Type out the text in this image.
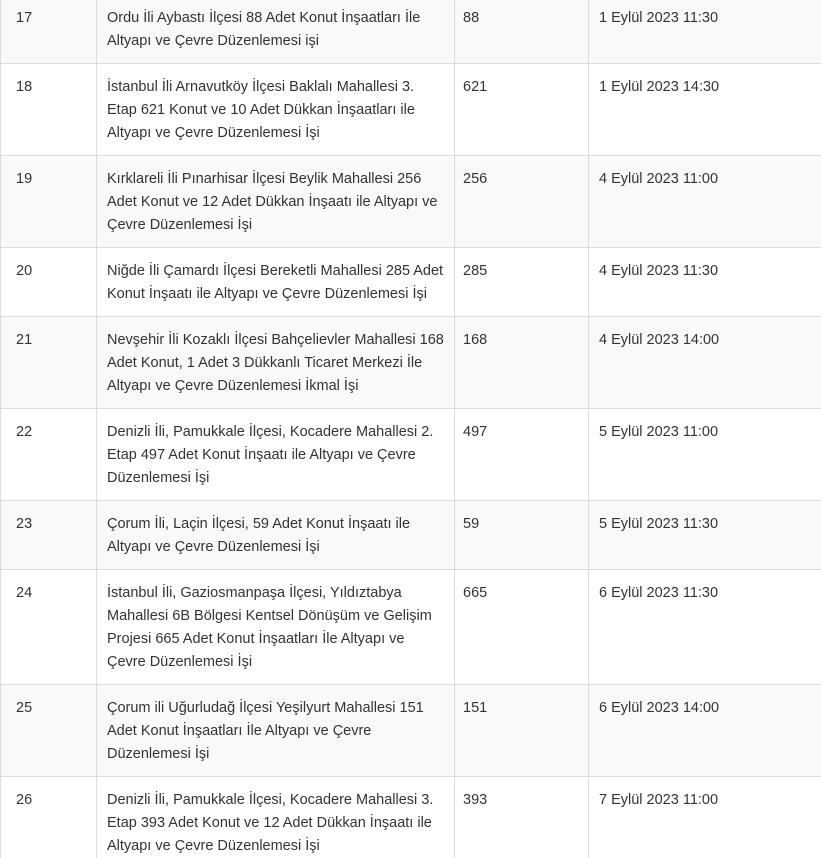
17	Ordu İli Aybastı İlçesi 88 Adet Konut İnşaatları İle Altyapı ve Çevre Düzenlemesi işi	88	1 Eylül 2023 11:30
18	İstanbul İli Arnavutköy İlçesi Baklalı Mahallesi 3. Etap 621 Konut ve 10 Adet Dükkan İnşaatları ile Altyapı ve Çevre Düzenlemesi İşi	621	1 Eylül 2023 14:30
19	Kırklareli İli Pınarhisar İlçesi Beylik Mahallesi 256 Adet Konut ve 12 Adet Dükkan İnşaatı ile Altyapı ve Çevre Düzenlemesi İşi	256	4 Eylül 2023 11:00
20	Niğde İli Çamardı İlçesi Bereketli Mahallesi 285 Adet Konut İnşaatı ile Altyapı ve Çevre Düzenlemesi İşi	285	4 Eylül 2023 11:30
21	Nevşehir İli Kozaklı İlçesi Bahçelievler Mahallesi 168 Adet Konut, 1 Adet 3 Dükkanlı Ticaret Merkezi İle Altyapı ve Çevre Düzenlemesi İkmal İşi	168	4 Eylül 2023 14:00
22	Denizli İli, Pamukkale İlçesi, Kocadere Mahallesi 2. Etap 497 Adet Konut İnşaatı ile Altyapı ve Çevre Düzenlemesi İşi	497	5 Eylül 2023 11:00
23	Çorum İli, Laçin İlçesi, 59 Adet Konut İnşaatı ile Altyapı ve Çevre Düzenlemesi İşi	59	5 Eylül 2023 11:30
24	İstanbul İli, Gaziosmanpaşa İlçesi, Yıldıztabya Mahallesi 6B Bölgesi Kentsel Dönüşüm ve Gelişim Projesi 665 Adet Konut İnşaatları İle Altyapı ve Çevre Düzenlemesi İşi	665	6 Eylül 2023 11:30
25	Çorum ili Uğurludağ İlçesi Yeşilyurt Mahallesi 151 Adet Konut İnşaatları İle Altyapı ve Çevre Düzenlemesi İşi	151	6 Eylül 2023 14:00
26	Denizli İli, Pamukkale İlçesi, Kocadere Mahallesi 3. Etap 393 Adet Konut ve 12 Adet Dükkan İnşaatı ile Altyapı ve Çevre Düzenlemesi İşi	393	7 Eylül 2023 11:00
